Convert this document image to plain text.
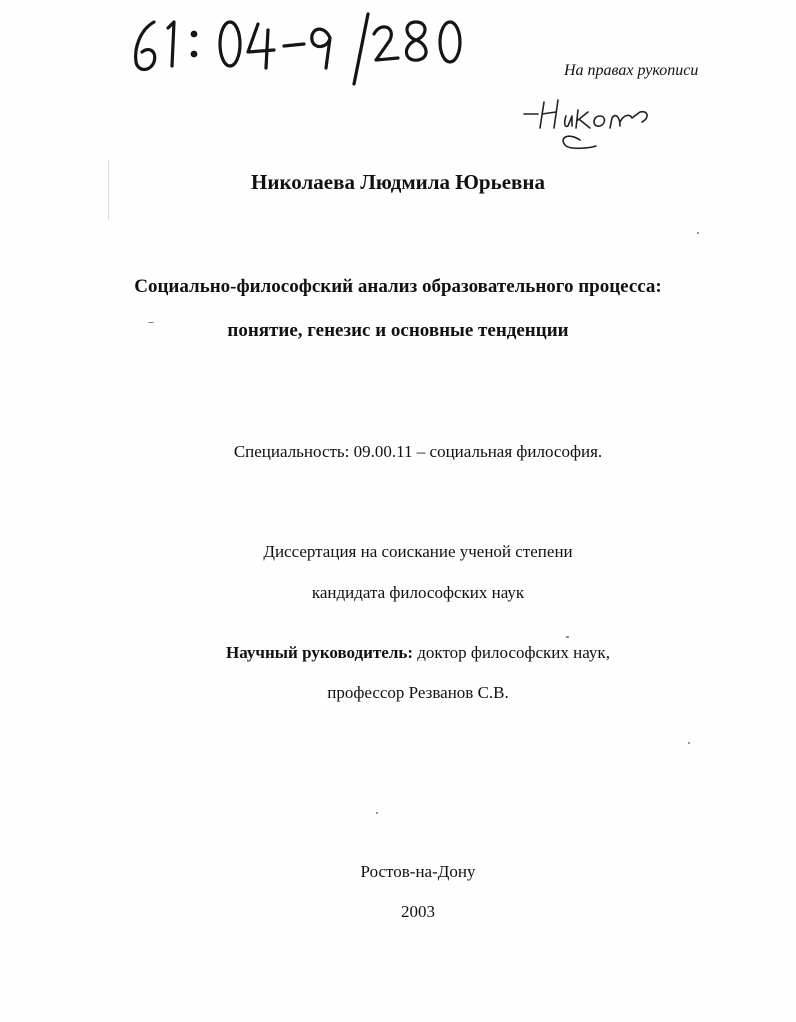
На правах рукописи
Николаева Людмила Юрьевна
Социально-философский анализ образовательного процесса:
понятие, генезис и основные тенденции
Специальность: 09.00.11 – социальная философия.
Диссертация на соискание ученой степени
кандидата философских наук
Научный руководитель: доктор философских наук,
профессор Резванов С.В.
Ростов-на-Дону
2003
